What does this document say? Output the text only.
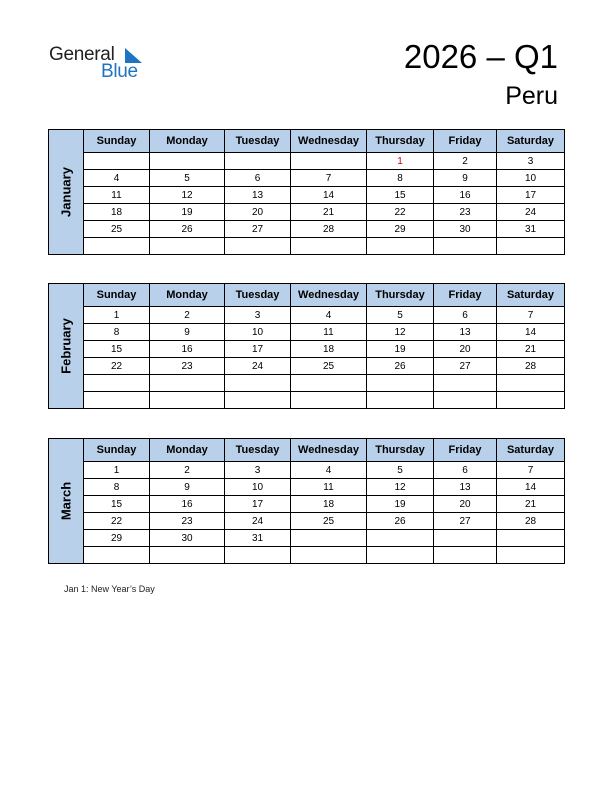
General
Blue	2026 – Q1
Peru
January
Sunday	Monday	Tuesday	Wednesday	Thursday	Friday	Saturday
				1	2	3
4	5	6	7	8	9	10
11	12	13	14	15	16	17
18	19	20	21	22	23	24
25	26	27	28	29	30	31

February
Sunday	Monday	Tuesday	Wednesday	Thursday	Friday	Saturday
1	2	3	4	5	6	7
8	9	10	11	12	13	14
15	16	17	18	19	20	21
22	23	24	25	26	27	28

March
Sunday	Monday	Tuesday	Wednesday	Thursday	Friday	Saturday
1	2	3	4	5	6	7
8	9	10	11	12	13	14
15	16	17	18	19	20	21
22	23	24	25	26	27	28
29	30	31				

Jan 1: New Year’s Day
